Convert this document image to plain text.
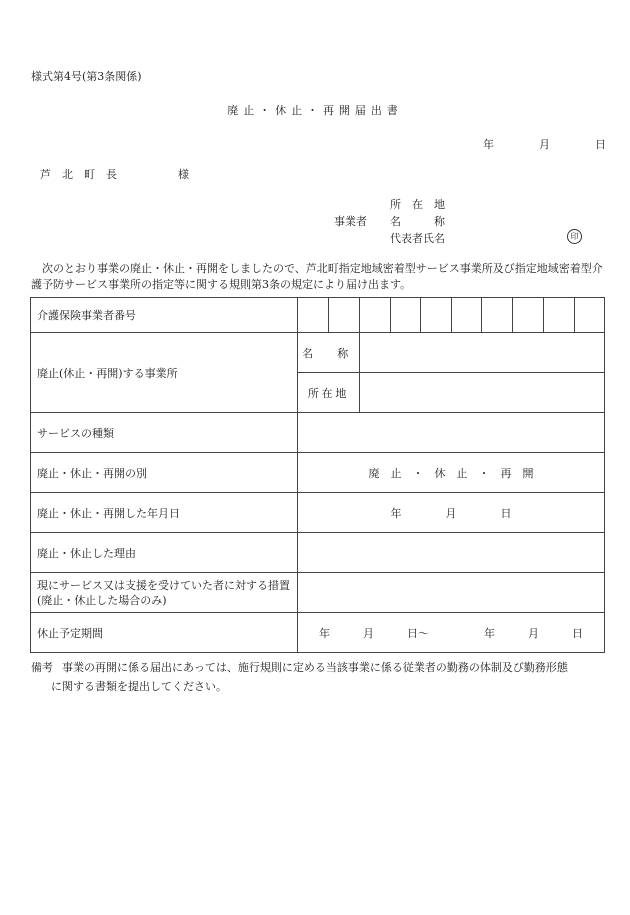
様式第4号(第3条関係)
廃止・休止・再開届出書
年	月	日
芦　北　町　長	様
事業者
所　在　地
名　　　称
代表者氏名	印
次のとおり事業の廃止・休止・再開をしましたので、芦北町指定地域密着型サービス事業所及び指定地域密着型介護予防サービス事業所の指定等に関する規則第3条の規定により届け出ます。
介護保険事業者番号										
廃止(休止・再開)する事業所	名　称									
	所在地									
サービスの種類										
廃止・休止・再開の別	廃　止　・　休　止　・　再　開									
廃止・休止・再開した年月日	年　　　　月　　　　日									
廃止・休止した理由										
現にサービス又は支援を受けていた者に対する措置(廃止・休止した場合のみ)										
休止予定期間	年　　　月　　　日〜　　　　　年　　　月　　　日									
備考 事業の再開に係る届出にあっては、施行規則に定める当該事業に係る従業者の勤務の体制及び勤務形態
に関する書類を提出してください。
